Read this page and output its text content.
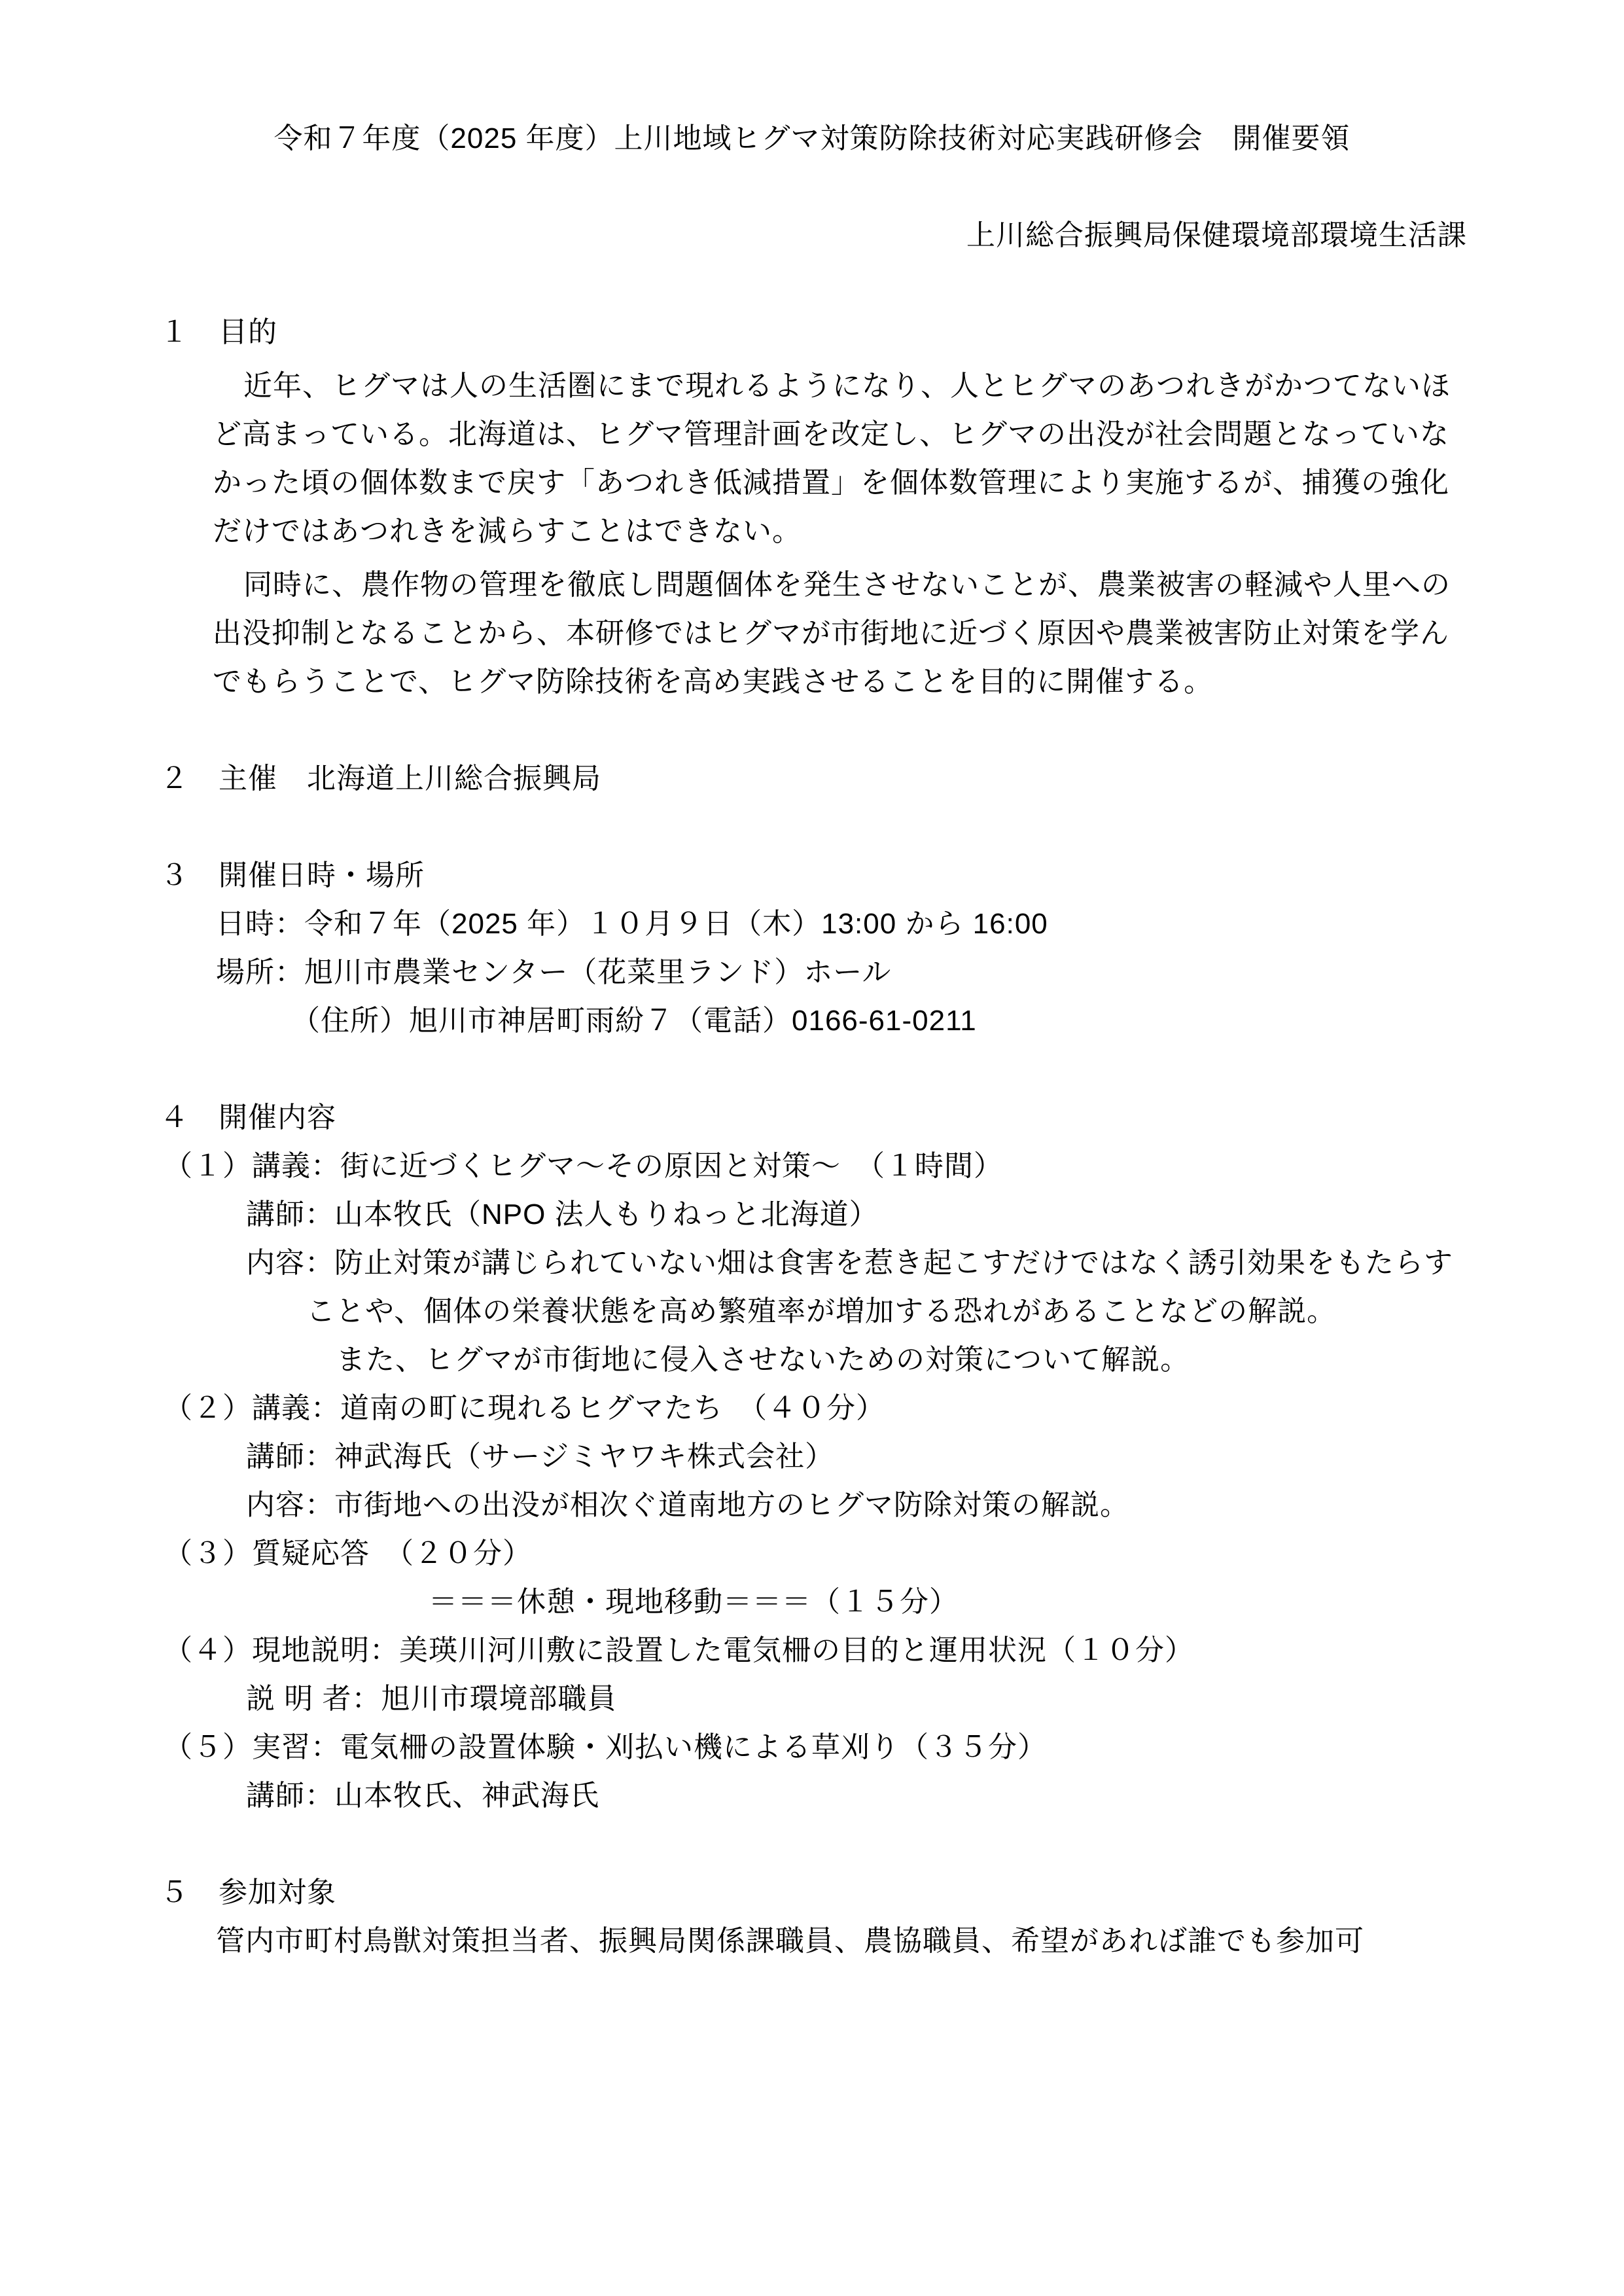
令和７年度（2025 年度）上川地域ヒグマ対策防除技術対応実践研修会　開催要領
上川総合振興局保健環境部環境生活課
１　目的
近年、ヒグマは人の生活圏にまで現れるようになり、人とヒグマのあつれきがかつてないほ
ど高まっている。北海道は、ヒグマ管理計画を改定し、ヒグマの出没が社会問題となっていな
かった頃の個体数まで戻す「あつれき低減措置」を個体数管理により実施するが、捕獲の強化
だけではあつれきを減らすことはできない。
同時に、農作物の管理を徹底し問題個体を発生させないことが、農業被害の軽減や人里への
出没抑制となることから、本研修ではヒグマが市街地に近づく原因や農業被害防止対策を学ん
でもらうことで、ヒグマ防除技術を高め実践させることを目的に開催する。
２　主催　北海道上川総合振興局
３　開催日時・場所
日時：令和７年（2025 年）１０月９日（木）13:00 から 16:00
場所：旭川市農業センター（花菜里ランド）ホール
（住所）旭川市神居町雨紛７（電話）0166-61-0211
４　開催内容
（１）講義：街に近づくヒグマ～その原因と対策～　（１時間）
講師：山本牧氏（NPO 法人もりねっと北海道）
内容：防止対策が講じられていない畑は食害を惹き起こすだけではなく誘引効果をもたらす
ことや、個体の栄養状態を高め繁殖率が増加する恐れがあることなどの解説。
また、ヒグマが市街地に侵入させないための対策について解説。
（２）講義：道南の町に現れるヒグマたち　（４０分）
講師：神武海氏（サージミヤワキ株式会社）
内容：市街地への出没が相次ぐ道南地方のヒグマ防除対策の解説。
（３）質疑応答　（２０分）
＝＝＝休憩・現地移動＝＝＝（１５分）
（４）現地説明：美瑛川河川敷に設置した電気柵の目的と運用状況（１０分）
説 明 者：旭川市環境部職員
（５）実習：電気柵の設置体験・刈払い機による草刈り（３５分）
講師：山本牧氏、神武海氏
５　参加対象
管内市町村鳥獣対策担当者、振興局関係課職員、農協職員、希望があれば誰でも参加可
